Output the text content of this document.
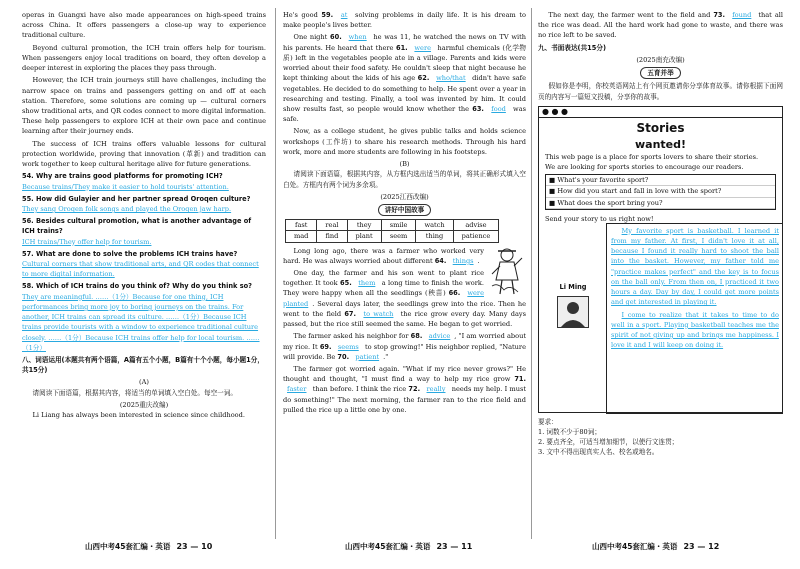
operas in Guangxi have also made appearances on high-speed trains across China. It offers passengers a close-up way to experience traditional culture.

Beyond cultural promotion, the ICH train offers help for tourism. When passengers enjoy local traditions on board, they often develop a deeper interest in exploring the places they pass through.

However, the ICH train journeys still have challenges, including the narrow space on trains and passengers getting on and off at each station. Therefore, some solutions are coming up — cultural corners show traditional arts, and QR codes connect to more digital information. These help passengers to explore ICH at their own pace and continue learning after their journey ends.

The success of ICH trains offers valuable lessons for cultural protection worldwide, proving that innovation (革新) and tradition can work together to keep cultural heritage alive for future generations.

54. Why are trains good platforms for promoting ICH?
Because trains/They make it easier to hold tourists' attention.
55. How did Gulayier and her partner spread Oroqen culture?
They sang Oroqen folk songs and played the Oroqen jaw harp.
56. Besides cultural promotion, what is another advantage of ICH trains?
ICH trains/They offer help for tourism.
57. What are done to solve the problems ICH trains have?
Cultural corners that show traditional arts, and QR codes that connect to more digital information.
58. Which of ICH trains do you think of? Why do you think so?
They are meaningful. ……（1分）Because for one thing, ICH performances bring more joy to boring journeys on the trains. For another, ICH trains can spread its culture. ……（1分）Because ICH trains provide tourists with a window to experience traditional culture closely. ……（1分）Because ICH trains offer help for local tourism. ……（1分）
八、词语运用(本题共有两个语篇，A篇有五个小题，B篇有十个小题，每小题1分，共15分)
(A)

请阅读下面语篇，根据其内容，将适当的单词填入空白处。每空一词。

(2025重庆改编)

Li Liang has always been interested in science since childhood.

He's good 59. at solving problems in daily life. It is his dream to make people's lives better.

One night 60. when he was 11, he watched the news on TV with his parents. He heard that there 61. were harmful chemicals (化学物质) left in the vegetables people ate in a village. Parents and kids were worried about their food safety. He couldn't sleep that night because he kept thinking about the kids of his age 62. who/that didn't have safe vegetables. He decided to do something to help. He spent over a year in researching and testing. Finally, a tool was invented by him. It could show results fast, so people would know whether the 63. food was safe.

Now, as a college student, he gives public talks and holds science workshops (工作坊) to share his research methods. Through his hard work, more and more students are following in his footsteps.

(B)

请阅读下面语篇，根据其内容，从方框内选出适当的单词，将其正确形式填入空白处。方框内有两个词为多余项。

(2025江西改编)
讲好中国故事
fast	real	they	smile	watch	advise
mad	find	plant	seem	thing	patience

Long long ago, there was a farmer who worked very hard. He was always worried about different 64. things .

One day, the farmer and his son went to plant rice together. It took 65. them a long time to finish the work. They were happy when all the seedlings (秧苗) 66. were planted . Several days later, the seedlings grew into the rice. Then he went to the field 67. to watch the rice grow every day. Many days passed, but the rice still seemed the same. He began to get worried.

The farmer asked his neighbor for 68. advice , "I am worried about my rice. It 69. seems to stop growing!" His neighbor replied, "Nature will provide. Be 70. patient ."

The farmer got worried again. "What if my rice never grows?" He thought and thought, "I must find a way to help my rice grow 71. faster than before. I think the rice 72. really needs my help. I must do something!" The next morning, the farmer ran to the rice field and pulled the rice up a little one by one.

The next day, the farmer went to the field and 73. found that all the rice was dead. All the hard work had gone to waste, and there was no rice left to be saved.

九、书面表达(共15分)
(2025南充改编)
五育并举

假如你是李明，你校英语网站上有个网页邀请你分享体育故事。请你根据下面网页的内容写一篇短文投稿，分享你的故事。

● ● ●
Stories
wanted!
This web page is a place for sports lovers to share their stories.
We are looking for sports stories to encourage our readers.
■ What's your favorite sport?
■ How did you start and fall in love with the sport?
■ What does the sport bring you?
Send your story to us right now!
Li Ming

My favorite sport is basketball. I learned it from my father. At first, I didn't love it at all, because I found it really hard to shoot the ball into the basket. However, my father told me "practice makes perfect" and the key is to focus on the ball only. From then on, I practiced it two hours a day. Day by day, I could get more points and get interested in playing it.

I come to realize that it takes to time to do well in a sport. Playing basketball teaches me the spirit of not giving up and brings me happiness. I love it and I will keep on doing it.

要求：
1. 词数不少于80词；
2. 要点齐全，可适当增加细节，以使行文连贯；
3. 文中不得出现真实人名、校名或地名。
山西中考45套汇编・英语 23 — 10	山西中考45套汇编・英语 23 — 11	山西中考45套汇编・英语 23 — 12
